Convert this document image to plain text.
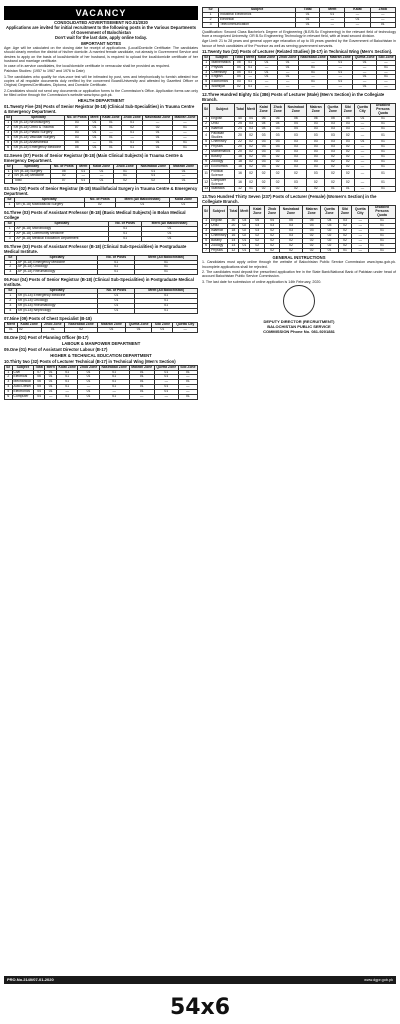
VACANCY
CONSOLIDATED ADVERTISEMENT NO.01/2020
Applications are invited for initial recruitment to the following posts in the Various Departments of Government of Balochistan
Don't wait for the last date, apply online today.
IMPORTANT NOTES

Age: Age will be calculated on the closing date for receipt of applications. (Local/Domicile Certificate: The candidates should clearly mention the district of his/her domicile. A married female candidate, not already in Government Service and desires to apply on the basis of local/domicile of her husband, is required to upload the local/domicile certificate of her husband and marriage certificate.

In case of in-service candidates, the local/domicile certificate in vernacular shall be provided as required.

Pakistan Studies: (1957 to 1967 and 1976 to Date)

1.The candidates who qualify for viva-voce test will be intimated by post, sms and telephonically to furnish attested true copies of all requisite documents duly verified by the concerned Board/University and attested by Gazetted Officer or Original; Degrees/Certificates, Diploma, and Domicile Certificate.

2.Candidates should not send any documents or application forms to the Commission's Office. Application forms can only be filled online through the Commission's website www.bpsc.gob.pk.

HEALTH DEPARTMENT
01.Twenty Five (25) Posts of Senior Registrar (B-18) (Clinical Sub-Specialities) in Trauma Centre & Emergency Department.
S#	Specialty	No. of Posts	Merit	Kalat Zone	Zhob Zone	Nasirabad Zone	Makran Zone
1	SR (B-18) Neurosurgery	03	01	01	01	—	—
2	SR (B-18) Ortho & Trauma	07	01	01	02	02	01
3	SR (B-18) Plastic Surgery	03	01	—	01	01	—
4	SR (B-18) Vascular Surgery	03	01	01	—	01	—
5	SR (B-18) Anaesthesia	04	—	01	01	01	01
6	SR (B-18) Emergency Medicine	05	01	01	01	01	01
02.Seven (07) Posts of Senior Registrar (B-18) (Main Clinical Subjects) in Trauma Centre & Emergency Department.
S#	Specialty	No. of Posts	Merit	Kalat Zone	Zhob Zone	Nasirabad Zone	Makran Zone
1	SR (B-18) Surgery	05	01	01	01	01	01
2	SR (B-18) Medicine	02	—	—	01	01	—
	Total	07	01	01	02	02	01
03.Two (02) Posts of Senior Registrar (B-18) Maxillofacial Surgery in Trauma Centre & Emergency Department.
S#	Specialty	No. of Posts	Merit (All Balochistan)	Kalat Zone
1	SR (B-18) Maxillofacial Surgery	02	01	01
04.Three (03) Posts of Assistant Professor (B-18) (Basic Medical Subjects) in Bolan Medical College
S#	Specialty	No. of Posts	Merit (All Balochistan)
1	AP (B-18) Microbiology	01	01
2	AP (B-18) Community Medicine	01	01
3	AP (B-18) Medical Education Department	01	01
05.Three (03) Posts of Assistant Professor (B-18) (Clinical Sub-Specialities) in Postgraduate Medical Institute.
S#	Specialty	No. of Posts	Merit (All Balochistan)
1	AP (B-18) Emergency Medicine	01	01
2	AP (B-18) Oncology	01	01
3	AP (B-18) Rheumatology	01	01
06.Four (04) Posts of Senior Registrar (B-18) (Clinical Sub-Specialities) in Postgraduate Medical Institute.
S#	Specialty	No. of Posts	Merit (All Balochistan)
1	SR (B-18) Emergency Medicine	01	01
2	SR (B-18) Oncology	01	01
3	SR (B-18) Rheumatology	01	01
4	SR (B-18) Nephrology	01	01
07.Nine (09) Posts of Chest Specialist (B-18)
Merit	Kalat Zone	Zhob Zone	Nasirabad Zone	Makran Zone	Quetta Zone	Sibi Zone	Quetta City
01	02	01	02	01	01	01	—
08.One (01) Post of Planning Officer (B-17)
LABOUR & MANPOWER DEPARTMENT
09.One (01) Post of Assistant Director Labour (B-17)
HIGHER & TECHNICAL EDUCATION DEPARTMENT
10.Thirty two (32) Posts of Lecturer Technical (B-17) in Technical Wing (Men's Section)
S#	Subject	Total	Merit	Kalat Zone	Zhob Zone	Nasirabad Zone	Makran Zone	Quetta Zone	Sibi Zone
1	Civil	07	01	01	01	01	01	01	01
2	Electrical	06	01	01	01	01	01	01	—
3	Mechanical	06	01	01	01	01	01	—	01
4	Auto Diesel	05	01	01	—	01	01	01	—
5	Electronics	04	01	—	01	—	01	01	—
6	Computer	04	—	01	01	01	—	—	01
S#	Subject	Total	Merit	Kalat	Zhob
1	Industrial Electronics	01	01	—	—
2	Electrical	01	—	01	—
3	Telecommunication	01	—	—	01

Qualification: Second Class Bachelor's Degree of Engineering (B.E/B.Sc Engineering) in the relevant field of technology from a recognized University, OR B.Sc Engineering Technology in relevant field, with at least second division.

Age Limit: 21 to 28 years and general upper age relaxation of up to 05 years granted by the Government of Balochistan in favour of fresh candidates of the Province as well as serving government servants.

11.Twenty two (22) Posts of Lecturer (Related Studies) (B-17) in Technical Wing (Men's Section).
S#	Subject	Total	Merit	Kalat Zone	Zhob Zone	Nasirabad Zone	Makran Zone	Quetta Zone	Sibi Zone
1	Mathematics	05	01	01	01	—	01	01	—
2	Physics	04	01	—	01	01	—	—	01
3	Chemistry	04	01	01	—	01	01	—	—
4	English	04	—	01	01	—	—	01	01
5	Economics	03	01	—	—	01	01	—	—
6	Islamiyat	02	01	—	—	—	—	01	—
12.Three Hundred Eighty Six (386) Posts of Lecturer (Male) (Men's Section) in the Collegiate Branch.
S#	Subject	Total	Merit	Kalat Zone	Zhob Zone	Nasirabad Zone	Makran Zone	Quetta Zone	Sibi Zone	Quetta City	Disabled Persons Quota
1	English	40	04	06	06	06	06	05	05	01	01
2	Urdu	25	03	04	04	04	03	03	03	—	01
3	Islamiat	24	03	04	03	04	03	03	03	—	01
4	Pakistan Studies	20	02	03	03	03	03	03	02	—	01
5	Chemistry	22	02	03	03	03	03	03	03	01	01
6	Physics	20	02	03	03	03	03	03	02	—	01
7	Mathematics	20	02	03	03	03	03	03	02	—	01
8	Botany	18	02	03	02	03	03	02	02	—	01
9	Zoology	18	02	03	02	03	03	02	02	—	01
10	Economics	18	02	03	02	03	03	02	02	—	01
11	Political Science	16	02	02	02	02	03	02	02	—	01
12	Computer Science	16	02	02	02	03	02	02	02	—	01
13	Statistics	12	01	02	02	02	02	01	01	—	01
13.Two Hundred Thirty Seven (237) Posts of Lecturer (Female) (Women's Section) in the Collegiate Branch.
S#	Subject	Total	Merit	Kalat Zone	Zhob Zone	Nasirabad Zone	Makran Zone	Quetta Zone	Sibi Zone	Quetta City	Disabled Persons Quota
1	English	30	03	05	04	05	05	04	03	—	01
2	Urdu	20	02	03	03	03	03	03	02	—	01
3	Islamiat	18	02	03	02	03	03	02	02	—	01
4	Chemistry	16	02	02	02	03	02	02	02	—	01
5	Botany	14	01	02	02	02	02	02	02	—	01
6	Zoology	14	01	02	02	02	02	02	02	—	01
7	Physics	12	01	02	02	02	02	01	01	—	01
GENERAL INSTRUCTIONS

1. Candidates must apply online through the website of Balochistan Public Service Commission www.bpsc.gob.pk. Incomplete applications shall be rejected.

2. The candidates must deposit the prescribed application fee in the State Bank/National Bank of Pakistan under head of account Balochistan Public Service Commission.

3. The last date for submission of online application is 14th February, 2020.

DEPUTY DIRECTOR (RECRUITMENT)
BALOCHISTAN PUBLIC SERVICE
COMMISSION Phone No. 081-9201881
PRO.No.2140/07-01-2020	www.dgpr.gob.pk
54x6
